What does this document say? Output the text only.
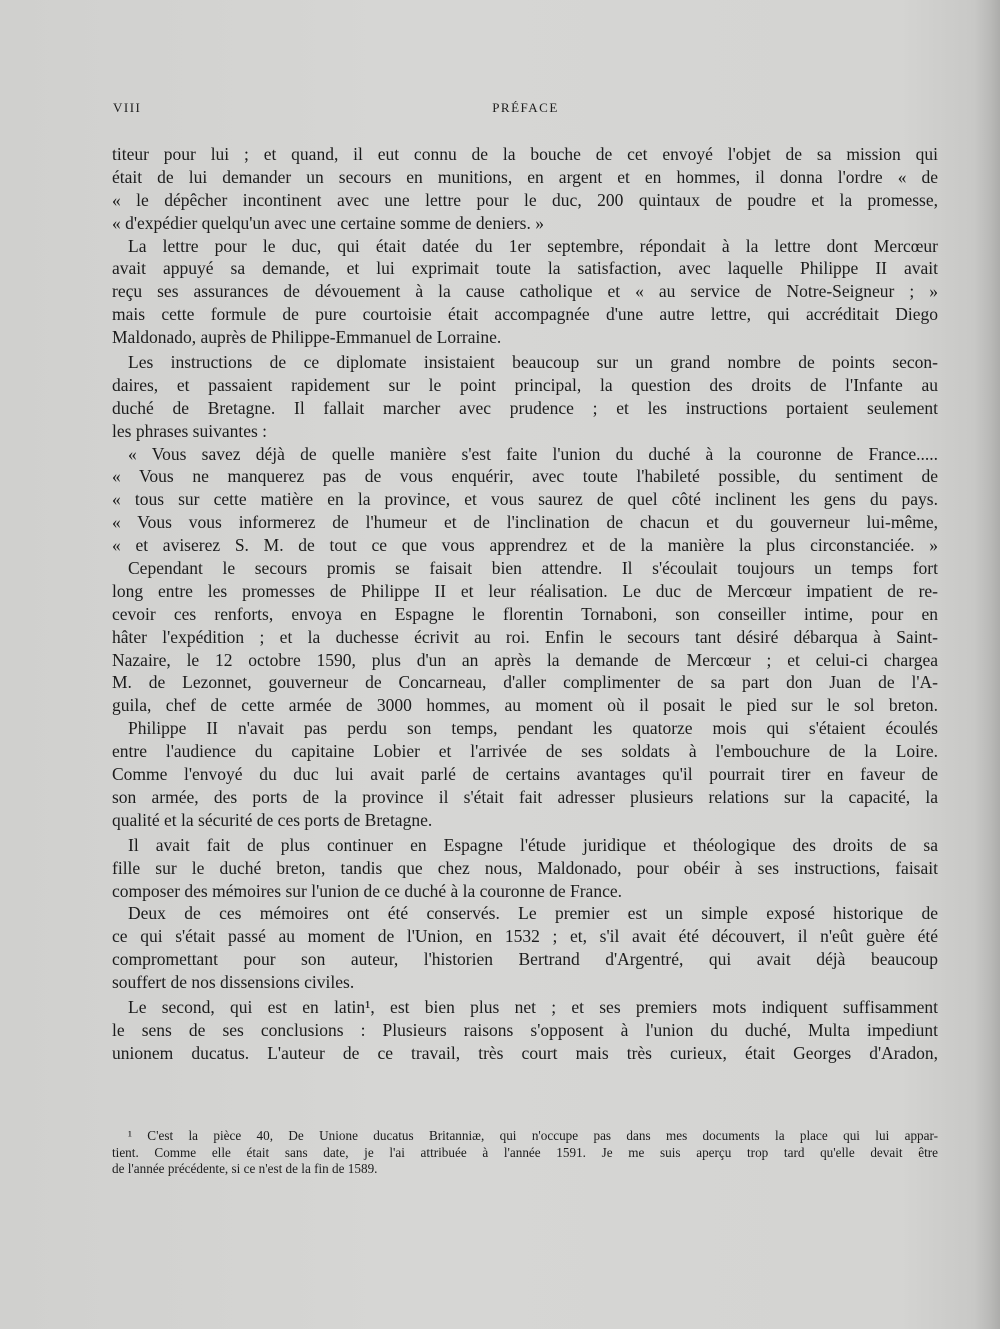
VIII	PRÉFACE
titeur pour lui ; et quand, il eut connu de la bouche de cet envoyé l'objet de sa mission qui
était de lui demander un secours en munitions, en argent et en hommes, il donna l'ordre « de
« le dépêcher incontinent avec une lettre pour le duc, 200 quintaux de poudre et la promesse,
« d'expédier quelqu'un avec une certaine somme de deniers. »
La lettre pour le duc, qui était datée du 1er septembre, répondait à la lettre dont Mercœur
avait appuyé sa demande, et lui exprimait toute la satisfaction, avec laquelle Philippe II avait
reçu ses assurances de dévouement à la cause catholique et « au service de Notre-Seigneur ; »
mais cette formule de pure courtoisie était accompagnée d'une autre lettre, qui accréditait Diego
Maldonado, auprès de Philippe-Emmanuel de Lorraine.
Les instructions de ce diplomate insistaient beaucoup sur un grand nombre de points secon-
daires, et passaient rapidement sur le point principal, la question des droits de l'Infante au
duché de Bretagne. Il fallait marcher avec prudence ; et les instructions portaient seulement
les phrases suivantes :
« Vous savez déjà de quelle manière s'est faite l'union du duché à la couronne de France.....
« Vous ne manquerez pas de vous enquérir, avec toute l'habileté possible, du sentiment de
« tous sur cette matière en la province, et vous saurez de quel côté inclinent les gens du pays.
« Vous vous informerez de l'humeur et de l'inclination de chacun et du gouverneur lui-même,
« et aviserez S. M. de tout ce que vous apprendrez et de la manière la plus circonstanciée. »
Cependant le secours promis se faisait bien attendre. Il s'écoulait toujours un temps fort
long entre les promesses de Philippe II et leur réalisation. Le duc de Mercœur impatient de re-
cevoir ces renforts, envoya en Espagne le florentin Tornaboni, son conseiller intime, pour en
hâter l'expédition ; et la duchesse écrivit au roi. Enfin le secours tant désiré débarqua à Saint-
Nazaire, le 12 octobre 1590, plus d'un an après la demande de Mercœur ; et celui-ci chargea
M. de Lezonnet, gouverneur de Concarneau, d'aller complimenter de sa part don Juan de l'A-
guila, chef de cette armée de 3000 hommes, au moment où il posait le pied sur le sol breton.
Philippe II n'avait pas perdu son temps, pendant les quatorze mois qui s'étaient écoulés
entre l'audience du capitaine Lobier et l'arrivée de ses soldats à l'embouchure de la Loire.
Comme l'envoyé du duc lui avait parlé de certains avantages qu'il pourrait tirer en faveur de
son armée, des ports de la province il s'était fait adresser plusieurs relations sur la capacité, la
qualité et la sécurité de ces ports de Bretagne.
Il avait fait de plus continuer en Espagne l'étude juridique et théologique des droits de sa
fille sur le duché breton, tandis que chez nous, Maldonado, pour obéir à ses instructions, faisait
composer des mémoires sur l'union de ce duché à la couronne de France.
Deux de ces mémoires ont été conservés. Le premier est un simple exposé historique de
ce qui s'était passé au moment de l'Union, en 1532 ; et, s'il avait été découvert, il n'eût guère été
compromettant pour son auteur, l'historien Bertrand d'Argentré, qui avait déjà beaucoup
souffert de nos dissensions civiles.
Le second, qui est en latin¹, est bien plus net ; et ses premiers mots indiquent suffisamment
le sens de ses conclusions : Plusieurs raisons s'opposent à l'union du duché, Multa impediunt
unionem ducatus. L'auteur de ce travail, très court mais très curieux, était Georges d'Aradon,
¹ C'est la pièce 40, De Unione ducatus Britanniæ, qui n'occupe pas dans mes documents la place qui lui appar-
tient. Comme elle était sans date, je l'ai attribuée à l'année 1591. Je me suis aperçu trop tard qu'elle devait être
de l'année précédente, si ce n'est de la fin de 1589.
